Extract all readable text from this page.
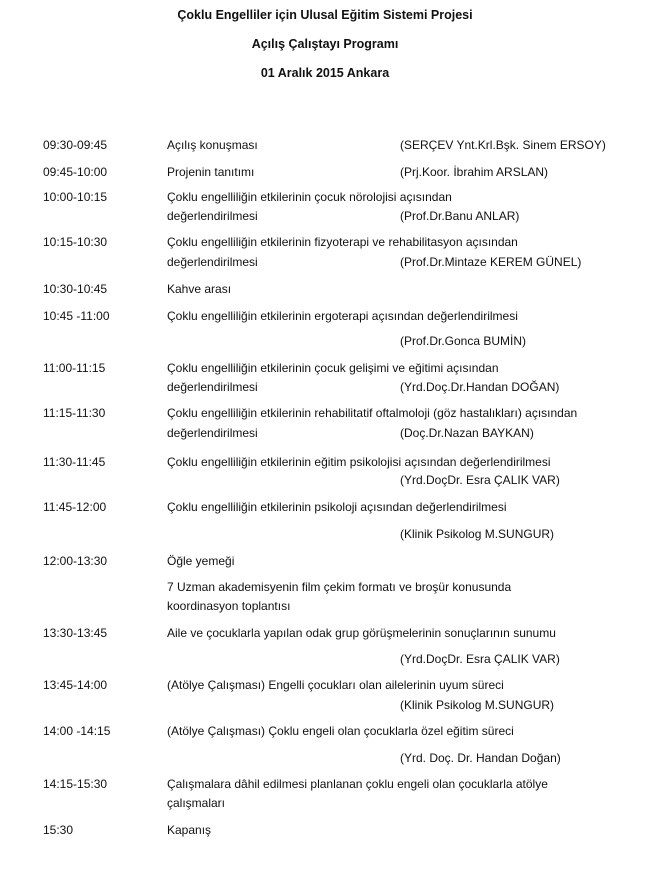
Çoklu Engelliler için Ulusal Eğitim Sistemi Projesi
Açılış Çalıştayı Programı
01 Aralık 2015 Ankara
09:30-09:45	Açılış konuşması	(SERÇEV Ynt.Krl.Bşk. Sinem ERSOY)
09:45-10:00	Projenin tanıtımı	(Prj.Koor. İbrahim ARSLAN)
10:00-10:15	Çoklu engelliliğin etkilerinin çocuk nörolojisi açısından
değerlendirilmesi	(Prof.Dr.Banu ANLAR)
10:15-10:30	Çoklu engelliliğin etkilerinin fizyoterapi ve rehabilitasyon açısından
değerlendirilmesi	(Prof.Dr.Mintaze KEREM GÜNEL)
10:30-10:45	Kahve arası
10:45 -11:00	Çoklu engelliliğin etkilerinin ergoterapi açısından değerlendirilmesi
(Prof.Dr.Gonca BUMİN)
11:00-11:15	Çoklu engelliliğin etkilerinin çocuk gelişimi ve eğitimi açısından
değerlendirilmesi	(Yrd.Doç.Dr.Handan DOĞAN)
11:15-11:30	Çoklu engelliliğin etkilerinin rehabilitatif oftalmoloji (göz hastalıkları) açısından
değerlendirilmesi	(Doç.Dr.Nazan BAYKAN)
11:30-11:45	Çoklu engelliliğin etkilerinin eğitim psikolojisi açısından değerlendirilmesi
(Yrd.DoçDr. Esra ÇALIK VAR)
11:45-12:00	Çoklu engelliliğin etkilerinin psikoloji açısından değerlendirilmesi
(Klinik Psikolog M.SUNGUR)
12:00-13:30	Öğle yemeği
7 Uzman akademisyenin film çekim formatı ve broşür konusunda
koordinasyon toplantısı
13:30-13:45	Aile ve çocuklarla yapılan odak grup görüşmelerinin sonuçlarının sunumu
(Yrd.DoçDr. Esra ÇALIK VAR)
13:45-14:00	(Atölye Çalışması) Engelli çocukları olan ailelerinin uyum süreci
(Klinik Psikolog M.SUNGUR)
14:00 -14:15	(Atölye Çalışması) Çoklu engeli olan çocuklarla özel eğitim süreci
(Yrd. Doç. Dr. Handan Doğan)
14:15-15:30	Çalışmalara dâhil edilmesi planlanan çoklu engeli olan çocuklarla atölye
çalışmaları
15:30	Kapanış
